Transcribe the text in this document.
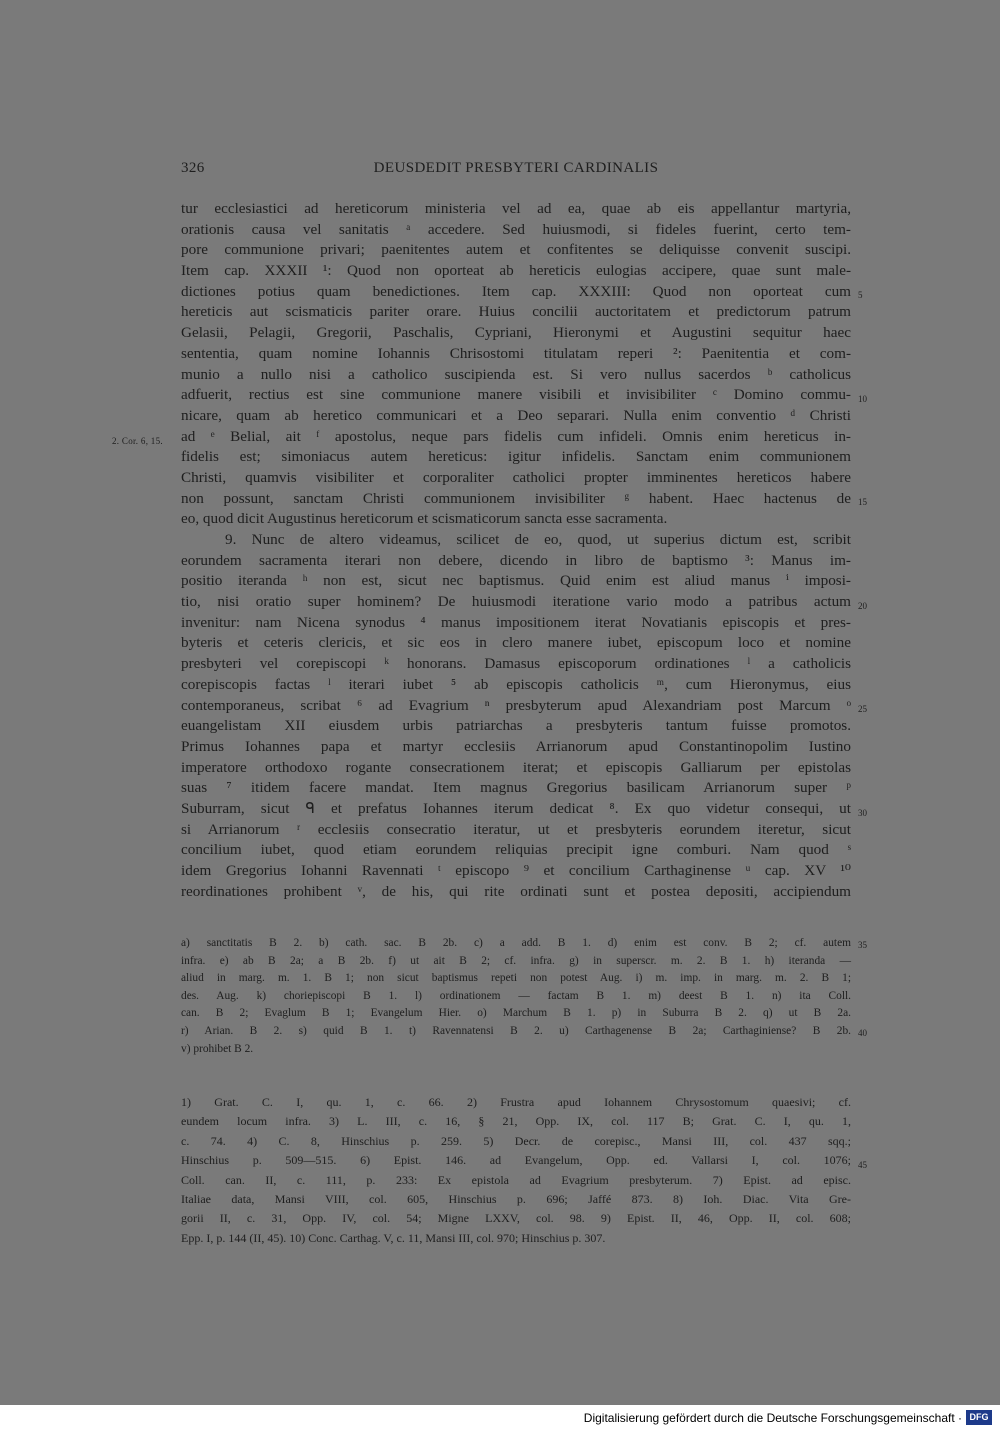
326	DEUSDEDIT PRESBYTERI CARDINALIS
tur ecclesiastici ad hereticorum ministeria vel ad ea, quae ab eis appellantur martyria,
orationis causa vel sanitatis ᵃ accedere. Sed huiusmodi, si fideles fuerint, certo tem-
pore communione privari; paenitentes autem et confitentes se deliquisse convenit suscipi.
Item cap. XXXII ¹: Quod non oporteat ab hereticis eulogias accipere, quae sunt male-
dictiones potius quam benedictiones. Item cap. XXXIII: Quod non oporteat cum
hereticis aut scismaticis pariter orare. Huius concilii auctoritatem et predictorum patrum
Gelasii, Pelagii, Gregorii, Paschalis, Cypriani, Hieronymi et Augustini sequitur haec
sententia, quam nomine Iohannis Chrisostomi titulatam reperi ²: Paenitentia et com-
munio a nullo nisi a catholico suscipienda est. Si vero nullus sacerdos ᵇ catholicus
adfuerit, rectius est sine communione manere visibili et invisibiliter ᶜ Domino commu-
nicare, quam ab heretico communicari et a Deo separari. Nulla enim conventio ᵈ Christi
ad ᵉ Belial, ait ᶠ apostolus, neque pars fidelis cum infideli. Omnis enim hereticus in-
fidelis est; simoniacus autem hereticus: igitur infidelis. Sanctam enim communionem
Christi, quamvis visibiliter et corporaliter catholici propter imminentes hereticos habere
non possunt, sanctam Christi communionem invisibiliter ᵍ habent. Haec hactenus de
eo, quod dicit Augustinus hereticorum et scismaticorum sancta esse sacramenta.
9. Nunc de altero videamus, scilicet de eo, quod, ut superius dictum est, scribit
eorundem sacramenta iterari non debere, dicendo in libro de baptismo ³: Manus im-
positio iteranda ʰ non est, sicut nec baptismus. Quid enim est aliud manus ⁱ imposi-
tio, nisi oratio super hominem? De huiusmodi iteratione vario modo a patribus actum
invenitur: nam Nicena synodus ⁴ manus impositionem iterat Novatianis episcopis et pres-
byteris et ceteris clericis, et sic eos in clero manere iubet, episcopum loco et nomine
presbyteri vel corepiscopi ᵏ honorans. Damasus episcoporum ordinationes ˡ a catholicis
corepiscopis factas ˡ iterari iubet ⁵ ab episcopis catholicis ᵐ, cum Hieronymus, eius
contemporaneus, scribat ⁶ ad Evagrium ⁿ presbyterum apud Alexandriam post Marcum ᵒ
euangelistam XII eiusdem urbis patriarchas a presbyteris tantum fuisse promotos.
Primus Iohannes papa et martyr ecclesiis Arrianorum apud Constantinopolim Iustino
imperatore orthodoxo rogante consecrationem iterat; et episcopis Galliarum per epistolas
suas ⁷ itidem facere mandat. Item magnus Gregorius basilicam Arrianorum super ᵖ
Suburram, sicut ᑫ et prefatus Iohannes iterum dedicat ⁸. Ex quo videtur consequi, ut
si Arrianorum ʳ ecclesiis consecratio iteratur, ut et presbyteris eorundem iteretur, sicut
concilium iubet, quod etiam eorundem reliquias precipit igne comburi. Nam quod ˢ
idem Gregorius Iohanni Ravennati ᵗ episcopo ⁹ et concilium Carthaginense ᵘ cap. XV ¹⁰
reordinationes prohibent ᵛ, de his, qui rite ordinati sunt et postea depositi, accipiendum
5
10
15
20
25
30
2. Cor. 6, 15.
a) sanctitatis B 2. b) cath. sac. B 2b. c) a add. B 1. d) enim est conv. B 2; cf. autem
infra. e) ab B 2a; a B 2b. f) ut ait B 2; cf. infra. g) in superscr. m. 2. B 1. h) iteranda —
aliud in marg. m. 1. B 1; non sicut baptismus repeti non potest Aug. i) m. imp. in marg. m. 2. B 1;
des. Aug. k) choriepiscopi B 1. l) ordinationem — factam B 1. m) deest B 1. n) ita Coll.
can. B 2; Evaglum B 1; Evangelum Hier. o) Marchum B 1. p) in Suburra B 2. q) ut B 2a.
r) Arian. B 2. s) quid B 1. t) Ravennatensi B 2. u) Carthagenense B 2a; Carthaginiense? B 2b.
v) prohibet B 2.
35
40
1) Grat. C. I, qu. 1, c. 66. 2) Frustra apud Iohannem Chrysostomum quaesivi; cf.
eundem locum infra. 3) L. III, c. 16, § 21, Opp. IX, col. 117 B; Grat. C. I, qu. 1,
c. 74. 4) C. 8, Hinschius p. 259. 5) Decr. de corepisc., Mansi III, col. 437 sqq.;
Hinschius p. 509—515. 6) Epist. 146. ad Evangelum, Opp. ed. Vallarsi I, col. 1076;
Coll. can. II, c. 111, p. 233: Ex epistola ad Evagrium presbyterum. 7) Epist. ad episc.
Italiae data, Mansi VIII, col. 605, Hinschius p. 696; Jaffé 873. 8) Ioh. Diac. Vita Gre-
gorii II, c. 31, Opp. IV, col. 54; Migne LXXV, col. 98. 9) Epist. II, 46, Opp. II, col. 608;
Epp. I, p. 144 (II, 45). 10) Conc. Carthag. V, c. 11, Mansi III, col. 970; Hinschius p. 307.
45
Digitalisierung gefördert durch die Deutsche Forschungsgemeinschaft · DFG
